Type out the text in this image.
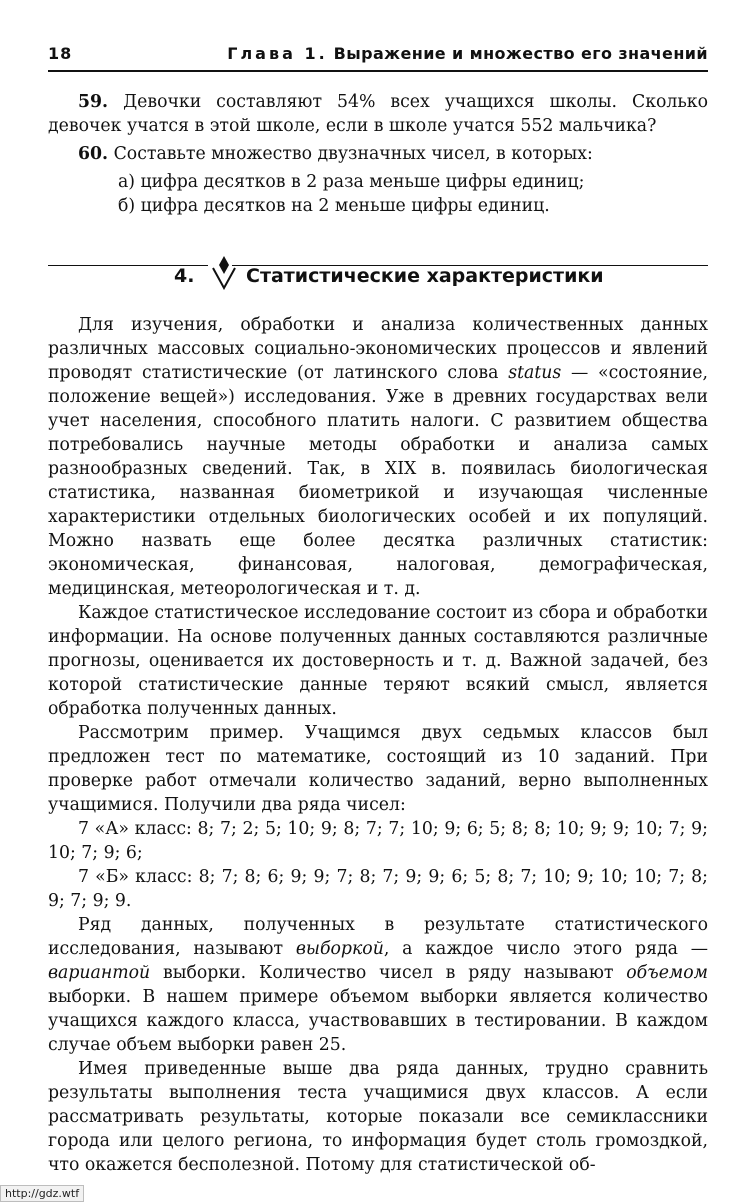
18	Глава 1. Выражение и множество его значений

59. Девочки составляют 54% всех учащихся школы. Сколько девочек учатся в этой школе, если в школе учатся 552 мальчика?

60. Составьте множество двузначных чисел, в которых:

а) цифра десятков в 2 раза меньше цифры единиц;

б) цифра десятков на 2 меньше цифры единиц.

4.	Статистические характеристики

Для изучения, обработки и анализа количественных данных различных массовых социально-экономических процессов и явлений проводят статистические (от латинского слова status — «состояние, положение вещей») исследования. Уже в древних государствах вели учет населения, способного платить налоги. С развитием общества потребовались научные методы обработки и анализа самых разнообразных сведений. Так, в XIX в. появилась биологическая статистика, названная биометрикой и изучающая численные характеристики отдельных биологических особей и их популяций. Можно назвать еще более десятка различных статистик: экономическая, финансовая, налоговая, демографическая, медицинская, метеорологическая и т. д.

Каждое статистическое исследование состоит из сбора и обработки информации. На основе полученных данных составляются различные прогнозы, оценивается их достоверность и т. д. Важной задачей, без которой статистические данные теряют всякий смысл, является обработка полученных данных.

Рассмотрим пример. Учащимся двух седьмых классов был предложен тест по математике, состоящий из 10 заданий. При проверке работ отмечали количество заданий, верно выполненных учащимися. Получили два ряда чисел:

7 «А» класс: 8; 7; 2; 5; 10; 9; 8; 7; 7; 10; 9; 6; 5; 8; 8; 10; 9; 9; 10; 7; 9; 10; 7; 9; 6;

7 «Б» класс: 8; 7; 8; 6; 9; 9; 7; 8; 7; 9; 9; 6; 5; 8; 7; 10; 9; 10; 10; 7; 8; 9; 7; 9; 9.

Ряд данных, полученных в результате статистического исследования, называют выборкой, а каждое число этого ряда — вариантой выборки. Количество чисел в ряду называют объемом выборки. В нашем примере объемом выборки является количество учащихся каждого класса, участвовавших в тестировании. В каждом случае объем выборки равен 25.

Имея приведенные выше два ряда данных, трудно сравнить результаты выполнения теста учащимися двух классов. А если рассматривать результаты, которые показали все семиклассники города или целого региона, то информация будет столь громоздкой, что окажется бесполезной. Потому для статистической об-

http://gdz.wtf
